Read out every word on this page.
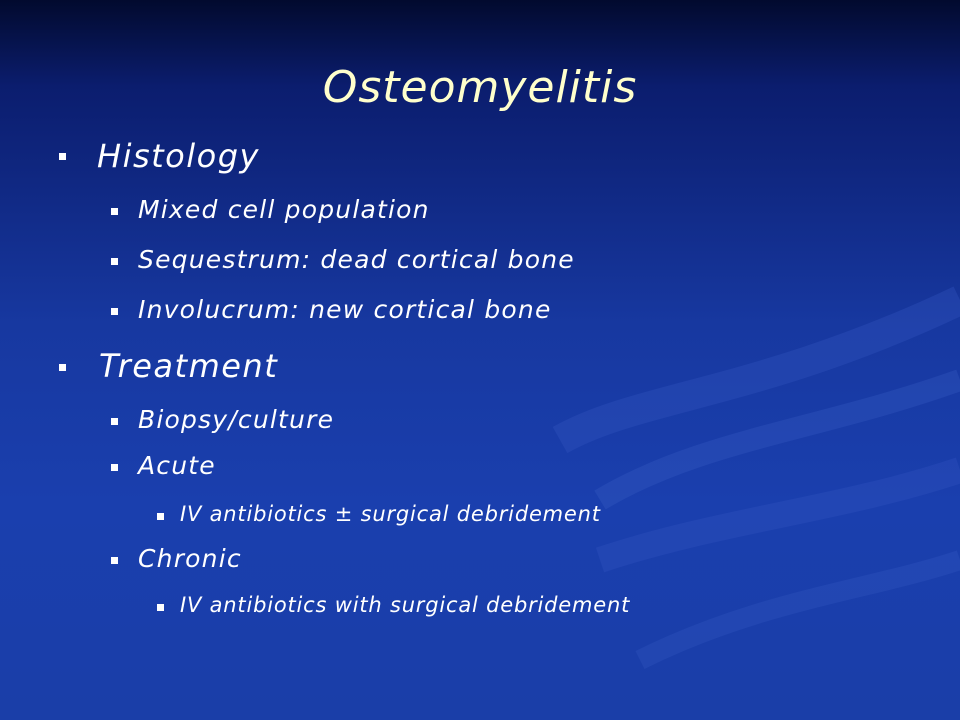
Osteomyelitis
Histology
Mixed cell population
Sequestrum: dead cortical bone
Involucrum: new cortical bone
Treatment
Biopsy/culture
Acute
IV antibiotics ± surgical debridement
Chronic
IV antibiotics with surgical debridement
